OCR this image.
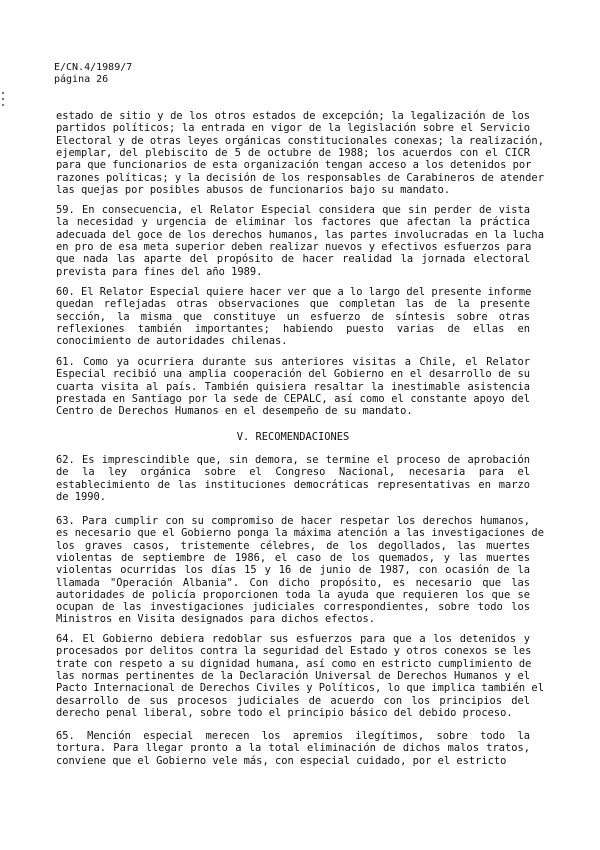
E/CN.4/1989/7
página 26
estado de sitio y de los otros estados de excepción; la legalización de los
partidos políticos; la entrada en vigor de la legislación sobre el Servicio
Electoral y de otras leyes orgánicas constitucionales conexas; la realización,
ejemplar, del plebiscito de 5 de octubre de 1988; los acuerdos con el CICR
para que funcionarios de esta organización tengan acceso a los detenidos por
razones políticas; y la decisión de los responsables de Carabineros de atender
las quejas por posibles abusos de funcionarios bajo su mandato.
59. En consecuencia, el Relator Especial considera que sin perder de vista
la necesidad y urgencia de eliminar los factores que afectan la práctica
adecuada del goce de los derechos humanos, las partes involucradas en la lucha
en pro de esa meta superior deben realizar nuevos y efectivos esfuerzos para
que nada las aparte del propósito de hacer realidad la jornada electoral
prevista para fines del año 1989.
60. El Relator Especial quiere hacer ver que a lo largo del presente informe
quedan reflejadas otras observaciones que completan las de la presente
sección, la misma que constituye un esfuerzo de síntesis sobre otras
reflexiones también importantes; habiendo puesto varias de ellas en
conocimiento de autoridades chilenas.
61. Como ya ocurriera durante sus anteriores visitas a Chile, el Relator
Especial recibió una amplia cooperación del Gobierno en el desarrollo de su
cuarta visita al país. También quisiera resaltar la inestimable asistencia
prestada en Santiago por la sede de CEPALC, así como el constante apoyo del
Centro de Derechos Humanos en el desempeño de su mandato.
V. RECOMENDACIONES
62. Es imprescindible que, sin demora, se termine el proceso de aprobación
de la ley orgánica sobre el Congreso Nacional, necesaria para el
establecimiento de las instituciones democráticas representativas en marzo
de 1990.
63. Para cumplir con su compromiso de hacer respetar los derechos humanos,
es necesario que el Gobierno ponga la máxima atención a las investigaciones de
los graves casos, tristemente célebres, de los degollados, las muertes
violentas de septiembre de 1986, el caso de los quemados, y las muertes
violentas ocurridas los días 15 y 16 de junio de 1987, con ocasión de la
llamada "Operación Albania". Con dicho propósito, es necesario que las
autoridades de policía proporcionen toda la ayuda que requieren los que se
ocupan de las investigaciones judiciales correspondientes, sobre todo los
Ministros en Visita designados para dichos efectos.
64. El Gobierno debiera redoblar sus esfuerzos para que a los detenidos y
procesados por delitos contra la seguridad del Estado y otros conexos se les
trate con respeto a su dignidad humana, así como en estricto cumplimiento de
las normas pertinentes de la Declaración Universal de Derechos Humanos y el
Pacto Internacional de Derechos Civiles y Políticos, lo que implica también el
desarrollo de sus procesos judiciales de acuerdo con los principios del
derecho penal liberal, sobre todo el principio básico del debido proceso.
65. Mención especial merecen los apremios ilegítimos, sobre todo la
tortura. Para llegar pronto a la total eliminación de dichos malos tratos,
conviene que el Gobierno vele más, con especial cuidado, por el estricto
